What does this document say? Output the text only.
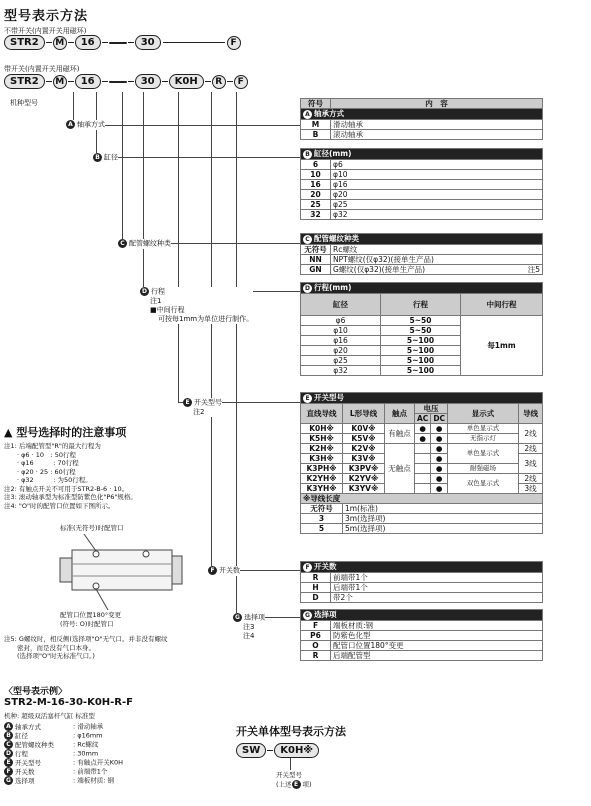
型号表示方法
不带开关(内置开关用磁环)
STR2	M	16	30	F
带开关(内置开关用磁环)
STR2	M	16	30	K0H	R	F
机种型号
A 轴承方式
B 缸径
C 配管螺纹种类
D 行程
注1
■中间行程
可按每1mm为单位进行制作。
E 开关型号
注2
F 开关数
G 选择项
注3
注4
符号	内　容
A 轴承方式	
M	滑动轴承
B	滚动轴承
B 缸径(mm)	
6	φ6
10	φ10
16	φ16
20	φ20
25	φ25
32	φ32
C 配管螺纹种类		
无符号	Rc螺纹	
NN	NPT螺纹(仅φ32)(接单生产品)	
GN	G螺纹(仅φ32)(接单生产品)	注5
D 行程(mm)		
缸径	行程	中间行程
φ6	5~50	每1mm
φ10	5~50	
φ16	5~100	
φ20	5~100	
φ25	5~100	
φ32	5~100	
E 开关型号						
直线导线	L形导线	触点	电压		显示式	导线
			AC	DC		
K0H※	K0V※	有触点	●	●	单色显示式	2线
K5H※	K5V※		●	●	无指示灯	
K2H※	K2V※	无触点		●	单色显示式	2线
K3H※	K3V※			●		3线
K3PH※	K3PV※			●	耐强磁场	
K2YH※	K2YV※			●	双色显示式	2线
K3YH※	K3YV※			●		3线
※导线长度						
无符号	1m(标准)					
3	3m(选择项)					
5	5m(选择项)					
F 开关数	
R	前端带1个
H	后端带1个
D	带2个
G 选择项	
F	端板材质:钢
P6	防紫色化型
O	配管口位置180°变更
R	后端配管型
▲ 型号选择时的注意事项
注1: 后端配管型"R"的最大行程为
　　· φ6 · 10　: 50行程
　　· φ16　　　: 70行程
　　· φ20 · 25 : 60行程
　　· φ32　　　: 为50行程。
注2: 有触点开关不可用于STR2-B-6 · 10。
注3: 滚动轴承型为标准型防紫色化"P6"规格。
注4: "O"时的配管口位置如下图所示。
标准(无符号)时配管口
配管口位置180°变更
(符号: O)时配管口
注5: G螺纹时，相反侧(选择项"O"无气口。并非没有螺纹
　　密封，而是没有气口本身。
　　(选择项"O"时无标准气口。)
〈型号表示例〉
STR2-M-16-30-K0H-R-F
机种: 超级双活塞杆气缸 标准型
A 轴承方式	: 滑动轴承
B 缸径	: φ16mm
C 配管螺纹种类	: Rc螺纹
D 行程	: 30mm
E 开关型号	: 有触点开关K0H
F 开关数	: 前端带1个
G 选择项	: 端板材质: 钢
开关单体型号表示方法
SW	K0H※
开关型号
(上述 E 项)
